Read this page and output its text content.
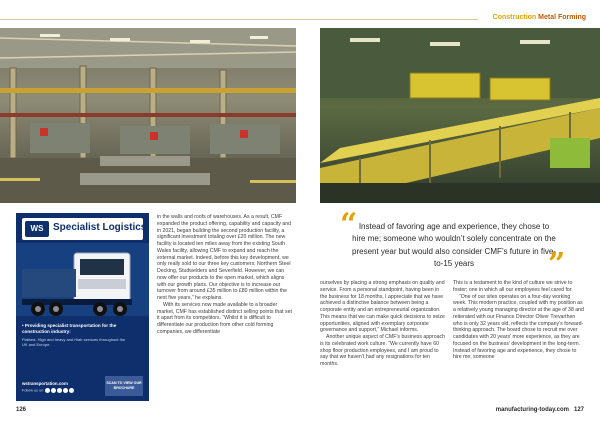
Construction Metal Forming
WS Specialist Logistics
• Providing specialist transportation for the construction industry:
Flatbed, High and heavy and Hiab services throughout the UK and Europe.
wstransportation.com
Follow us on
SCAN TO VIEW OUR BROCHURE

in the walls and roofs of warehouses. As a result, CMF expanded the product offering, capability and capacity and in 2021, began building the second production facility, a significant investment totaling over £20 million. The new facility is located ten miles away from the existing South Wales facility, allowing CMF to expand and reach the external market. Indeed, before this key development, we only really sold to our three key customers: Northern Steel Decking, Studwelders and Severfield. However, we can now offer our products to the open market, which aligns with our growth plans. Our objective is to increase our turnover from around £35 million to £80 million within the next five years,” he explains.

With its services now made available to a broader market, CMF has established distinct selling points that set it apart from its competitors. “Whilst it is difficult to differentiate our production from other cold forming companies, we differentiate

“ Instead of favoring age and experience, they chose to hire me; someone who wouldn’t solely concentrate on the present year but would also consider CMF’s future in five-to-15 years	”

ourselves by placing a strong emphasis on quality and service. From a personal standpoint, having been in the business for 18 months, I appreciate that we have achieved a distinctive balance between being a corporate entity and an entrepreneurial organization. This means that we can make quick decisions to seize opportunities, aligned with exemplary corporate governance and support,” Michael informs.

Another unique aspect of CMF’s business approach is its celebrated work culture. “We currently have 60 shop floor production employees, and I am proud to say that we haven’t had any resignations for ten months.

This is a testament to the kind of culture we strive to foster; one in which all our employees feel cared for.

“One of our sites operates on a four-day working week. This modern practice, coupled with my position as a relatively young managing director at the age of 38 and reiterated with our Finance Director Oliver Trevarthen who is only 32 years old, reflects the company’s forward-thinking approach. The board chose to recruit me over candidates with 20 years’ more experience, as they are focused on the business’ development in the long-term. Instead of favoring age and experience, they chose to hire me; someone

126	manufacturing-today.com 127
